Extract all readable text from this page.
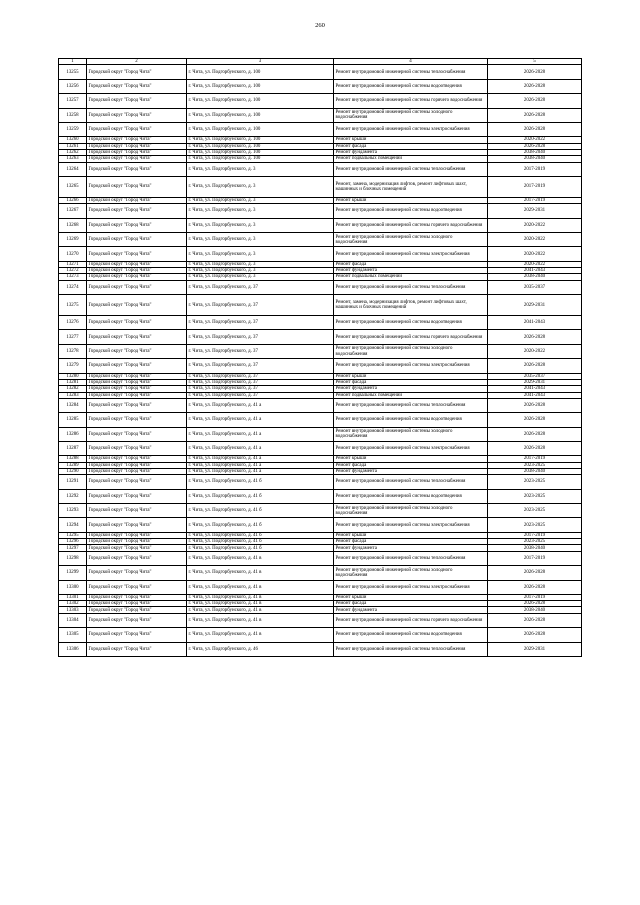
260
1	2	3	4	5
13255	Городской округ "Город Чита"	г. Чита, ул. Подгорбунского, д. 100	Ремонт внутридомовой инженерной системы теплоснабжения	2026-2028
13256	Городской округ "Город Чита"	г. Чита, ул. Подгорбунского, д. 100	Ремонт внутридомовой инженерной системы водоотведения	2026-2028
13257	Городской округ "Город Чита"	г. Чита, ул. Подгорбунского, д. 100	Ремонт внутридомовой инженерной системы горячего водоснабжения	2026-2028
13258	Городской округ "Город Чита"	г. Чита, ул. Подгорбунского, д. 100	Ремонт внутридомовой инженерной системы холодного водоснабжения	2026-2028
13259	Городской округ "Город Чита"	г. Чита, ул. Подгорбунского, д. 100	Ремонт внутридомовой инженерной системы электроснабжения	2026-2028
13260	Городской округ "Город Чита"	г. Чита, ул. Подгорбунского, д. 100	Ремонт крыши	2020-2022
13261	Городской округ "Город Чита"	г. Чита, ул. Подгорбунского, д. 100	Ремонт фасада	2026-2028
13262	Городской округ "Город Чита"	г. Чита, ул. Подгорбунского, д. 100	Ремонт фундамента	2038-2040
13263	Городской округ "Город Чита"	г. Чита, ул. Подгорбунского, д. 100	Ремонт подвальных помещений	2038-2040
13264	Городской округ "Город Чита"	г. Чита, ул. Подгорбунского, д. 3	Ремонт внутридомовой инженерной системы теплоснабжения	2017-2019
13265	Городской округ "Город Чита"	г. Чита, ул. Подгорбунского, д. 3	Ремонт, замена, модернизация лифтов, ремонт лифтовых шахт, машинных и блочных помещений	2017-2019
13266	Городской округ "Город Чита"	г. Чита, ул. Подгорбунского, д. 3	Ремонт крыши	2017-2019
13267	Городской округ "Город Чита"	г. Чита, ул. Подгорбунского, д. 3	Ремонт внутридомовой инженерной системы водоотведения	2029-2031
13268	Городской округ "Город Чита"	г. Чита, ул. Подгорбунского, д. 3	Ремонт внутридомовой инженерной системы горячего водоснабжения	2020-2022
13269	Городской округ "Город Чита"	г. Чита, ул. Подгорбунского, д. 3	Ремонт внутридомовой инженерной системы холодного водоснабжения	2020-2022
13270	Городской округ "Город Чита"	г. Чита, ул. Подгорбунского, д. 3	Ремонт внутридомовой инженерной системы электроснабжения	2020-2022
13271	Городской округ "Город Чита"	г. Чита, ул. Подгорбунского, д. 3	Ремонт фасада	2020-2022
13272	Городской округ "Город Чита"	г. Чита, ул. Подгорбунского, д. 3	Ремонт фундамента	2041-2043
13273	Городской округ "Город Чита"	г. Чита, ул. Подгорбунского, д. 3	Ремонт подвальных помещений	2038-2040
13274	Городской округ "Город Чита"	г. Чита, ул. Подгорбунского, д. 37	Ремонт внутридомовой инженерной системы теплоснабжения	2035-2037
13275	Городской округ "Город Чита"	г. Чита, ул. Подгорбунского, д. 37	Ремонт, замена, модернизация лифтов, ремонт лифтовых шахт, машинных и блочных помещений	2029-2031
13276	Городской округ "Город Чита"	г. Чита, ул. Подгорбунского, д. 37	Ремонт внутридомовой инженерной системы водоотведения	2041-2043
13277	Городской округ "Город Чита"	г. Чита, ул. Подгорбунского, д. 37	Ремонт внутридомовой инженерной системы горячего водоснабжения	2026-2028
13278	Городской округ "Город Чита"	г. Чита, ул. Подгорбунского, д. 37	Ремонт внутридомовой инженерной системы холодного водоснабжения	2020-2022
13279	Городской округ "Город Чита"	г. Чита, ул. Подгорбунского, д. 37	Ремонт внутридомовой инженерной системы электроснабжения	2026-2028
13280	Городской округ "Город Чита"	г. Чита, ул. Подгорбунского, д. 37	Ремонт крыши	2035-2037
13281	Городской округ "Город Чита"	г. Чита, ул. Подгорбунского, д. 37	Ремонт фасада	2029-2031
13282	Городской округ "Город Чита"	г. Чита, ул. Подгорбунского, д. 37	Ремонт фундамента	2041-2043
13283	Городской округ "Город Чита"	г. Чита, ул. Подгорбунского, д. 37	Ремонт подвальных помещений	2041-2043
13284	Городской округ "Город Чита"	г. Чита, ул. Подгорбунского, д. 41 а	Ремонт внутридомовой инженерной системы теплоснабжения	2026-2028
13285	Городской округ "Город Чита"	г. Чита, ул. Подгорбунского, д. 41 а	Ремонт внутридомовой инженерной системы водоотведения	2026-2028
13286	Городской округ "Город Чита"	г. Чита, ул. Подгорбунского, д. 41 а	Ремонт внутридомовой инженерной системы холодного водоснабжения	2026-2028
13287	Городской округ "Город Чита"	г. Чита, ул. Подгорбунского, д. 41 а	Ремонт внутридомовой инженерной системы электроснабжения	2026-2028
13288	Городской округ "Город Чита"	г. Чита, ул. Подгорбунского, д. 41 а	Ремонт крыши	2017-2019
13289	Городской округ "Город Чита"	г. Чита, ул. Подгорбунского, д. 41 а	Ремонт фасада	2023-2025
13290	Городской округ "Город Чита"	г. Чита, ул. Подгорбунского, д. 41 а	Ремонт фундамента	2038-2040
13291	Городской округ "Город Чита"	г. Чита, ул. Подгорбунского, д. 41 б	Ремонт внутридомовой инженерной системы теплоснабжения	2023-2025
13292	Городской округ "Город Чита"	г. Чита, ул. Подгорбунского, д. 41 б	Ремонт внутридомовой инженерной системы водоотведения	2023-2025
13293	Городской округ "Город Чита"	г. Чита, ул. Подгорбунского, д. 41 б	Ремонт внутридомовой инженерной системы холодного водоснабжения	2023-2025
13294	Городской округ "Город Чита"	г. Чита, ул. Подгорбунского, д. 41 б	Ремонт внутридомовой инженерной системы электроснабжения	2023-2025
13295	Городской округ "Город Чита"	г. Чита, ул. Подгорбунского, д. 41 б	Ремонт крыши	2017-2019
13296	Городской округ "Город Чита"	г. Чита, ул. Подгорбунского, д. 41 б	Ремонт фасада	2023-2025
13297	Городской округ "Город Чита"	г. Чита, ул. Подгорбунского, д. 41 б	Ремонт фундамента	2038-2040
13298	Городской округ "Город Чита"	г. Чита, ул. Подгорбунского, д. 41 в	Ремонт внутридомовой инженерной системы теплоснабжения	2017-2019
13299	Городской округ "Город Чита"	г. Чита, ул. Подгорбунского, д. 41 в	Ремонт внутридомовой инженерной системы холодного водоснабжения	2026-2028
13300	Городской округ "Город Чита"	г. Чита, ул. Подгорбунского, д. 41 в	Ремонт внутридомовой инженерной системы электроснабжения	2026-2028
13301	Городской округ "Город Чита"	г. Чита, ул. Подгорбунского, д. 41 в	Ремонт крыши	2017-2019
13302	Городской округ "Город Чита"	г. Чита, ул. Подгорбунского, д. 41 в	Ремонт фасада	2026-2028
13303	Городской округ "Город Чита"	г. Чита, ул. Подгорбунского, д. 41 в	Ремонт фундамента	2038-2040
13304	Городской округ "Город Чита"	г. Чита, ул. Подгорбунского, д. 41 в	Ремонт внутридомовой инженерной системы горячего водоснабжения	2026-2028
13305	Городской округ "Город Чита"	г. Чита, ул. Подгорбунского, д. 41 в	Ремонт внутридомовой инженерной системы водоотведения	2026-2028
13306	Городской округ "Город Чита"	г. Чита, ул. Подгорбунского, д. 46	Ремонт внутридомовой инженерной системы теплоснабжения	2029-2031
